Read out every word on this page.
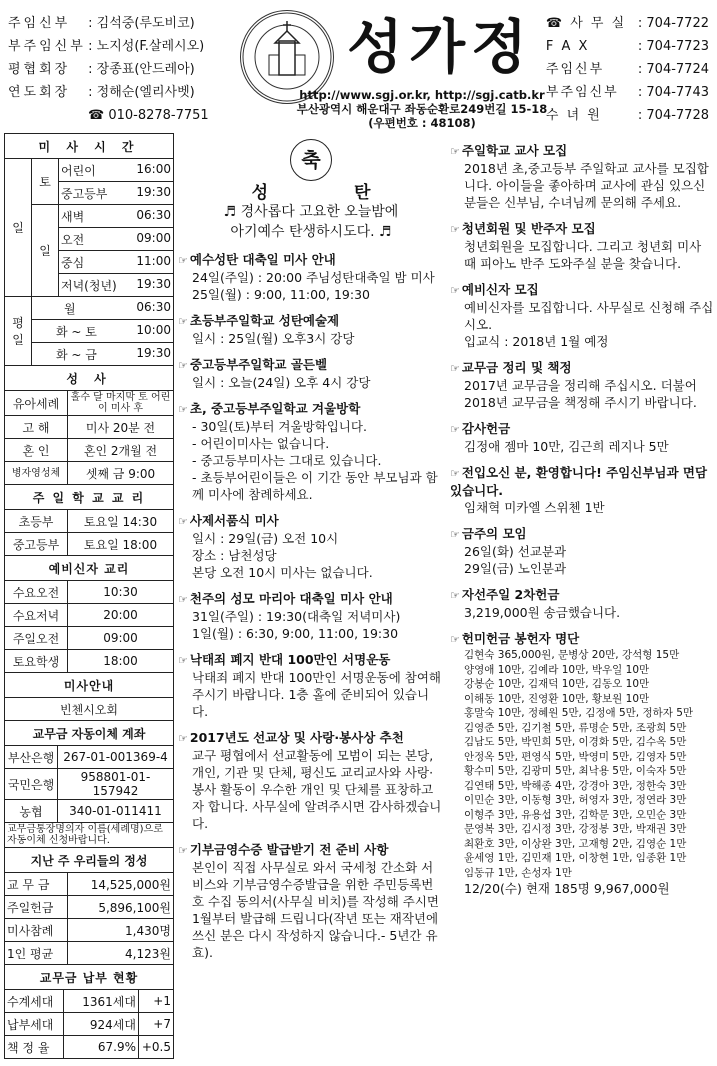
주임신부 : 김석중(루도비코)
부주임신부 : 노지성(F.살레시오)
평협회장 : 장종표(안드레아)
연도회장 : 정해순(엘리사벳)
☎ 010-8278-7751
성가정
http://www.sgj.or.kr, http://sgj.catb.kr
부산광역시 해운대구 좌동순환로249번길 15-18
(우편번호 : 48108)
☎ 사 무 실 : 704-7722
F A X	: 704-7723
주임신부	: 704-7724
부주임신부 : 704-7743
수 녀 원	: 704-7728
미 사 시 간		
일	토	어린이 16:00

		중고등부 19:30

	일	새벽 06:30

		오전 09:00

		중심 11:00

		저녁(청년) 19:30

평일	월 06:30	

	화 ~ 토 10:00	

	화 ~ 금 19:30	
성 사	
유아세례	홀수 달 마지막 토 어린이 미사 후
고 해	미사 20분 전
혼 인	혼인 2개월 전
병자영성체	셋째 금 9:00
주 일 학 교 교 리	
초등부	토요일 14:30
중고등부	토요일 18:00
예비신자 교리	
수요오전	10:30
수요저녁	20:00
주일오전	09:00
토요학생	18:00
미사안내
빈첸시오회
교무금 자동이체 계좌	
부산은행	267-01-001369-4
국민은행	958801-01-157942
농협	340-01-011411
교무금통장명의자 이름(세례명)으로 자동이체 신청바랍니다.	
지난 주 우리들의 정성	
교 무 금	14,525,000원
주일헌금	5,896,100원
미사참례	1,430명
1인 평균	4,123원
교무금 납부 현황		
수계세대	1361세대	+1
납부세대	924세대	+7
책 정 율	67.9%	+0.5
축
성 탄
♬ 경사롭다 고요한 오늘밤에
아기예수 탄생하시도다. ♬
☞ 예수성탄 대축일 미사 안내
24일(주일) : 20:00 주님성탄대축일 밤 미사
25일(월) : 9:00, 11:00, 19:30
☞ 초등부주일학교 성탄예술제
일시 : 25일(월) 오후3시 강당
☞ 중고등부주일학교 골든벨
일시 : 오늘(24일) 오후 4시 강당
☞ 초, 중고등부주일학교 겨울방학
- 30일(토)부터 겨울방학입니다.
- 어린이미사는 없습니다.
- 중고등부미사는 그대로 있습니다.
- 초등부어린이들은 이 기간 동안 부모님과 함께 미사에 참례하세요.
☞ 사제서품식 미사
일시 : 29일(금) 오전 10시
장소 : 남천성당
본당 오전 10시 미사는 없습니다.
☞ 천주의 성모 마리아 대축일 미사 안내
31일(주일) : 19:30(대축일 저녁미사)
1일(월) : 6:30, 9:00, 11:00, 19:30
☞ 낙태죄 폐지 반대 100만인 서명운동
낙태죄 폐지 반대 100만인 서명운동에 참여해주시기 바랍니다. 1층 홀에 준비되어 있습니다.
☞ 2017년도 선교상 및 사랑·봉사상 추천
교구 평협에서 선교활동에 모범이 되는 본당, 개인, 기관 및 단체, 평신도 교리교사와 사랑·봉사 활동이 우수한 개인 및 단체를 표창하고자 합니다. 사무실에 알려주시면 감사하겠습니다.
☞ 기부금영수증 발급받기 전 준비 사항
본인이 직접 사무실로 와서 국세청 간소화 서비스와 기부금영수증발급을 위한 주민등록번호 수집 동의서(사무실 비치)를 작성해 주시면 1월부터 발급해 드립니다(작년 또는 재작년에 쓰신 분은 다시 작성하지 않습니다.- 5년간 유효).
☞ 주일학교 교사 모집
2018년 초,중고등부 주일학교 교사를 모집합니다. 아이들을 좋아하며 교사에 관심 있으신 분들은 신부님, 수녀님께 문의해 주세요.
☞ 청년회원 및 반주자 모집
청년회원을 모집합니다. 그리고 청년회 미사 때 피아노 반주 도와주실 분을 찾습니다.
☞ 예비신자 모집
예비신자를 모집합니다. 사무실로 신청해 주십시오.
입교식 : 2018년 1월 예정
☞ 교무금 정리 및 책정
2017년 교무금을 정리해 주십시오. 더불어 2018년 교무금을 책정해 주시기 바랍니다.
☞ 감사헌금
김정애 젬마 10만, 김근희 레지나 5만
☞ 전입오신 분, 환영합니다! 주임신부님과 면담있습니다.
임채혁 미카엘 스위첸 1반
☞ 금주의 모임
26일(화) 선교분과
29일(금) 노인분과
☞ 자선주일 2차헌금
3,219,000원 송금했습니다.
☞ 헌미헌금 봉헌자 명단
김현숙 365,000원, 문병상 20만, 강석형 15만
양영애 10만, 김예라 10만, 박우일 10만
강봉순 10만, 김재덕 10만, 김동오 10만
이해동 10만, 진영환 10만, 황보원 10만
홍말숙 10만, 정혜원 5만, 김정애 5만, 정하자 5만
김영준 5만, 김기철 5만, 류명순 5만, 조광희 5만
김남도 5만, 박민희 5만, 이경화 5만, 김수옥 5만
안정옥 5만, 편영식 5만, 박영미 5만, 김영자 5만
황수미 5만, 김광미 5만, 최낙용 5만, 이숙자 5만
김연태 5만, 박해종 4만, 강경아 3만, 정한숙 3만
이민순 3만, 이동형 3만, 허영자 3만, 정연라 3만
이형주 3만, 유용섭 3만, 김학문 3만, 오민순 3만
문영복 3만, 김시정 3만, 강정봉 3만, 박재권 3만
최환호 3만, 이상완 3만, 고재형 2만, 김영순 1만
윤세영 1만, 김민재 1만, 이창현 1만, 임종환 1만
임동규 1만, 손성자 1만
12/20(수) 현재 185명 9,967,000원
